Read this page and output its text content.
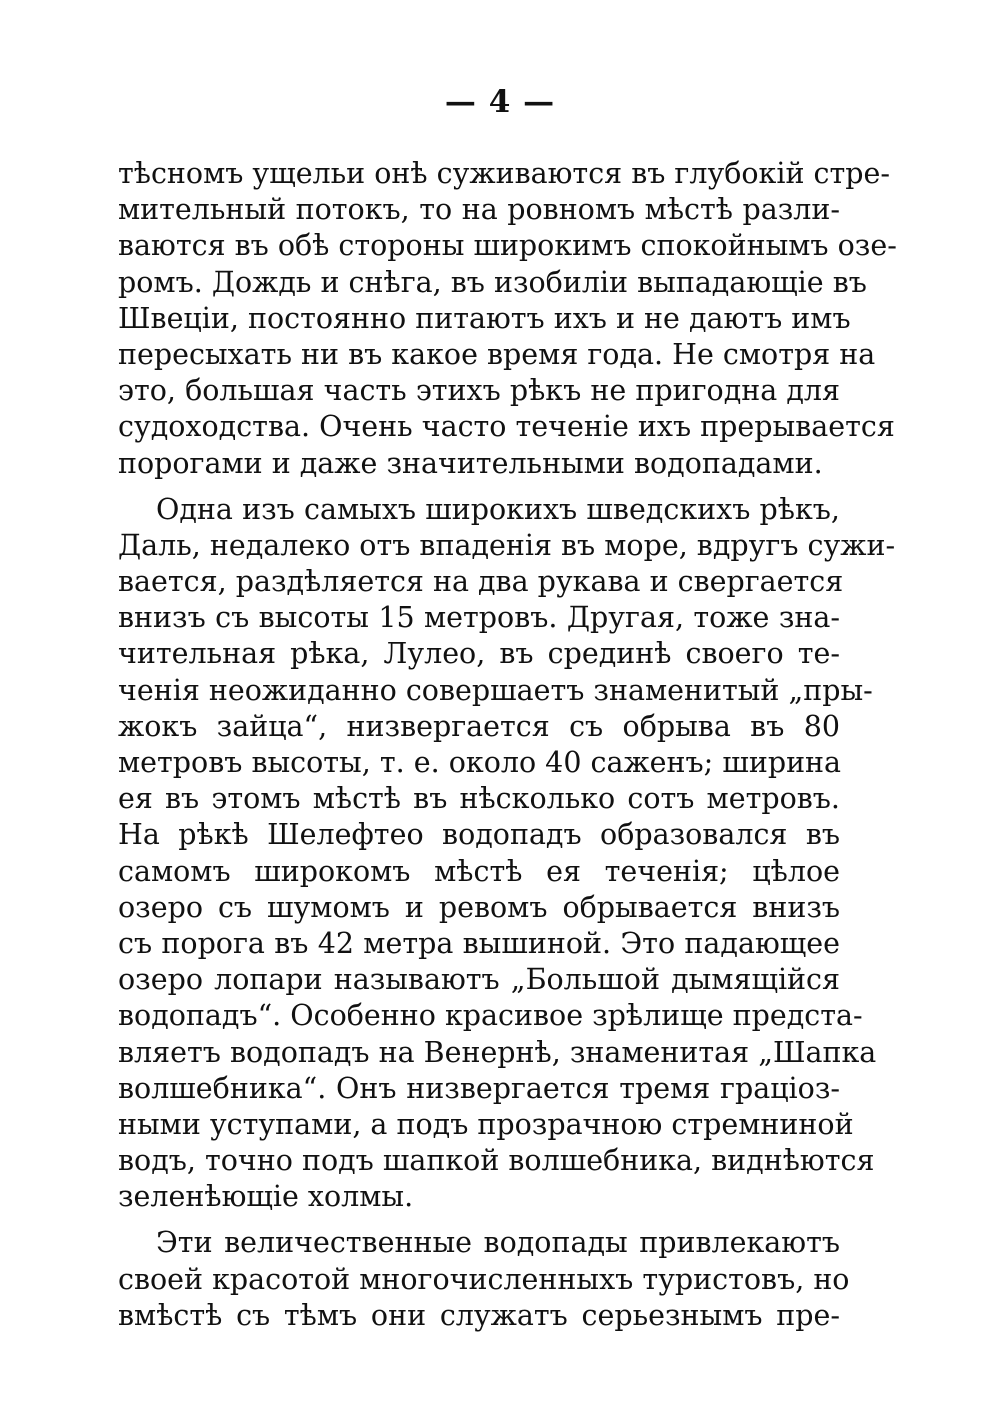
— 4 —
тѣсномъ ущельи онѣ суживаются въ глубокій стре-
мительный потокъ, то на ровномъ мѣстѣ разли-
ваются въ обѣ стороны широкимъ спокойнымъ озе-
ромъ. Дождь и снѣга, въ изобиліи выпадающіе въ
Швеціи, постоянно питаютъ ихъ и не даютъ имъ
пересыхать ни въ какое время года. Не смотря на
это, большая часть этихъ рѣкъ не пригодна для
судоходства. Очень часто теченіе ихъ прерывается
порогами и даже значительными водопадами.
Одна изъ самыхъ широкихъ шведскихъ рѣкъ,
Даль, недалеко отъ впаденія въ море, вдругъ сужи-
вается, раздѣляется на два рукава и свергается
внизъ съ высоты 15 метровъ. Другая, тоже зна-
чительная рѣка, Лулео, въ срединѣ своего те-
ченія неожиданно совершаетъ знаменитый „пры-
жокъ зайца“, низвергается съ обрыва въ 80
метровъ высоты, т. е. около 40 саженъ; ширина
ея въ этомъ мѣстѣ въ нѣсколько сотъ метровъ.
На рѣкѣ Шелефтео водопадъ образовался въ
самомъ широкомъ мѣстѣ ея теченія; цѣлое
озеро съ шумомъ и ревомъ обрывается внизъ
съ порога въ 42 метра вышиной. Это падающее
озеро лопари называютъ „Большой дымящійся
водопадъ“. Особенно красивое зрѣлище предста-
вляетъ водопадъ на Венернѣ, знаменитая „Шапка
волшебника“. Онъ низвергается тремя граціоз-
ными уступами, а подъ прозрачною стремниной
водъ, точно подъ шапкой волшебника, виднѣются
зеленѣющіе холмы.
Эти величественные водопады привлекаютъ
своей красотой многочисленныхъ туристовъ, но
вмѣстѣ съ тѣмъ они служатъ серьезнымъ пре-
